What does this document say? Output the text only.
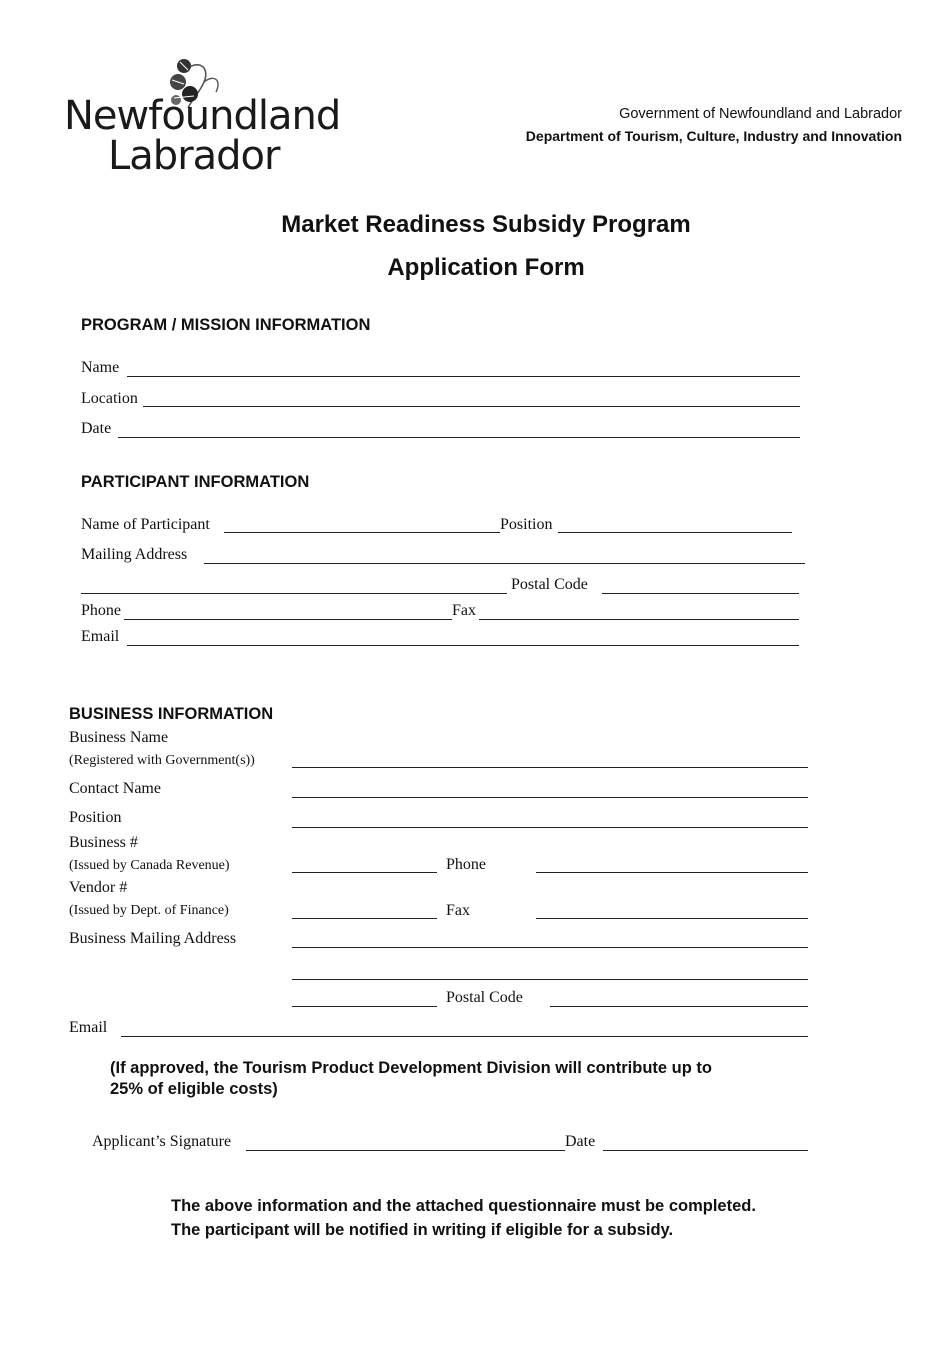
Newfoundland
Labrador
Government of Newfoundland and Labrador
Department of Tourism, Culture, Industry and Innovation
Market Readiness Subsidy Program
Application Form
PROGRAM / MISSION INFORMATION
Name
Location
Date
PARTICIPANT INFORMATION
Name of Participant	Position
Mailing Address
Postal Code
Phone	Fax
Email
BUSINESS INFORMATION
Business Name
(Registered with Government(s))
Contact Name
Position
Business #
(Issued by Canada Revenue)	Phone
Vendor #
(Issued by Dept. of Finance)	Fax
Business Mailing Address
Postal Code
Email
(If approved, the Tourism Product Development Division will contribute up to
25% of eligible costs)
Applicant’s Signature	Date
The above information and the attached questionnaire must be completed.
The participant will be notified in writing if eligible for a subsidy.
